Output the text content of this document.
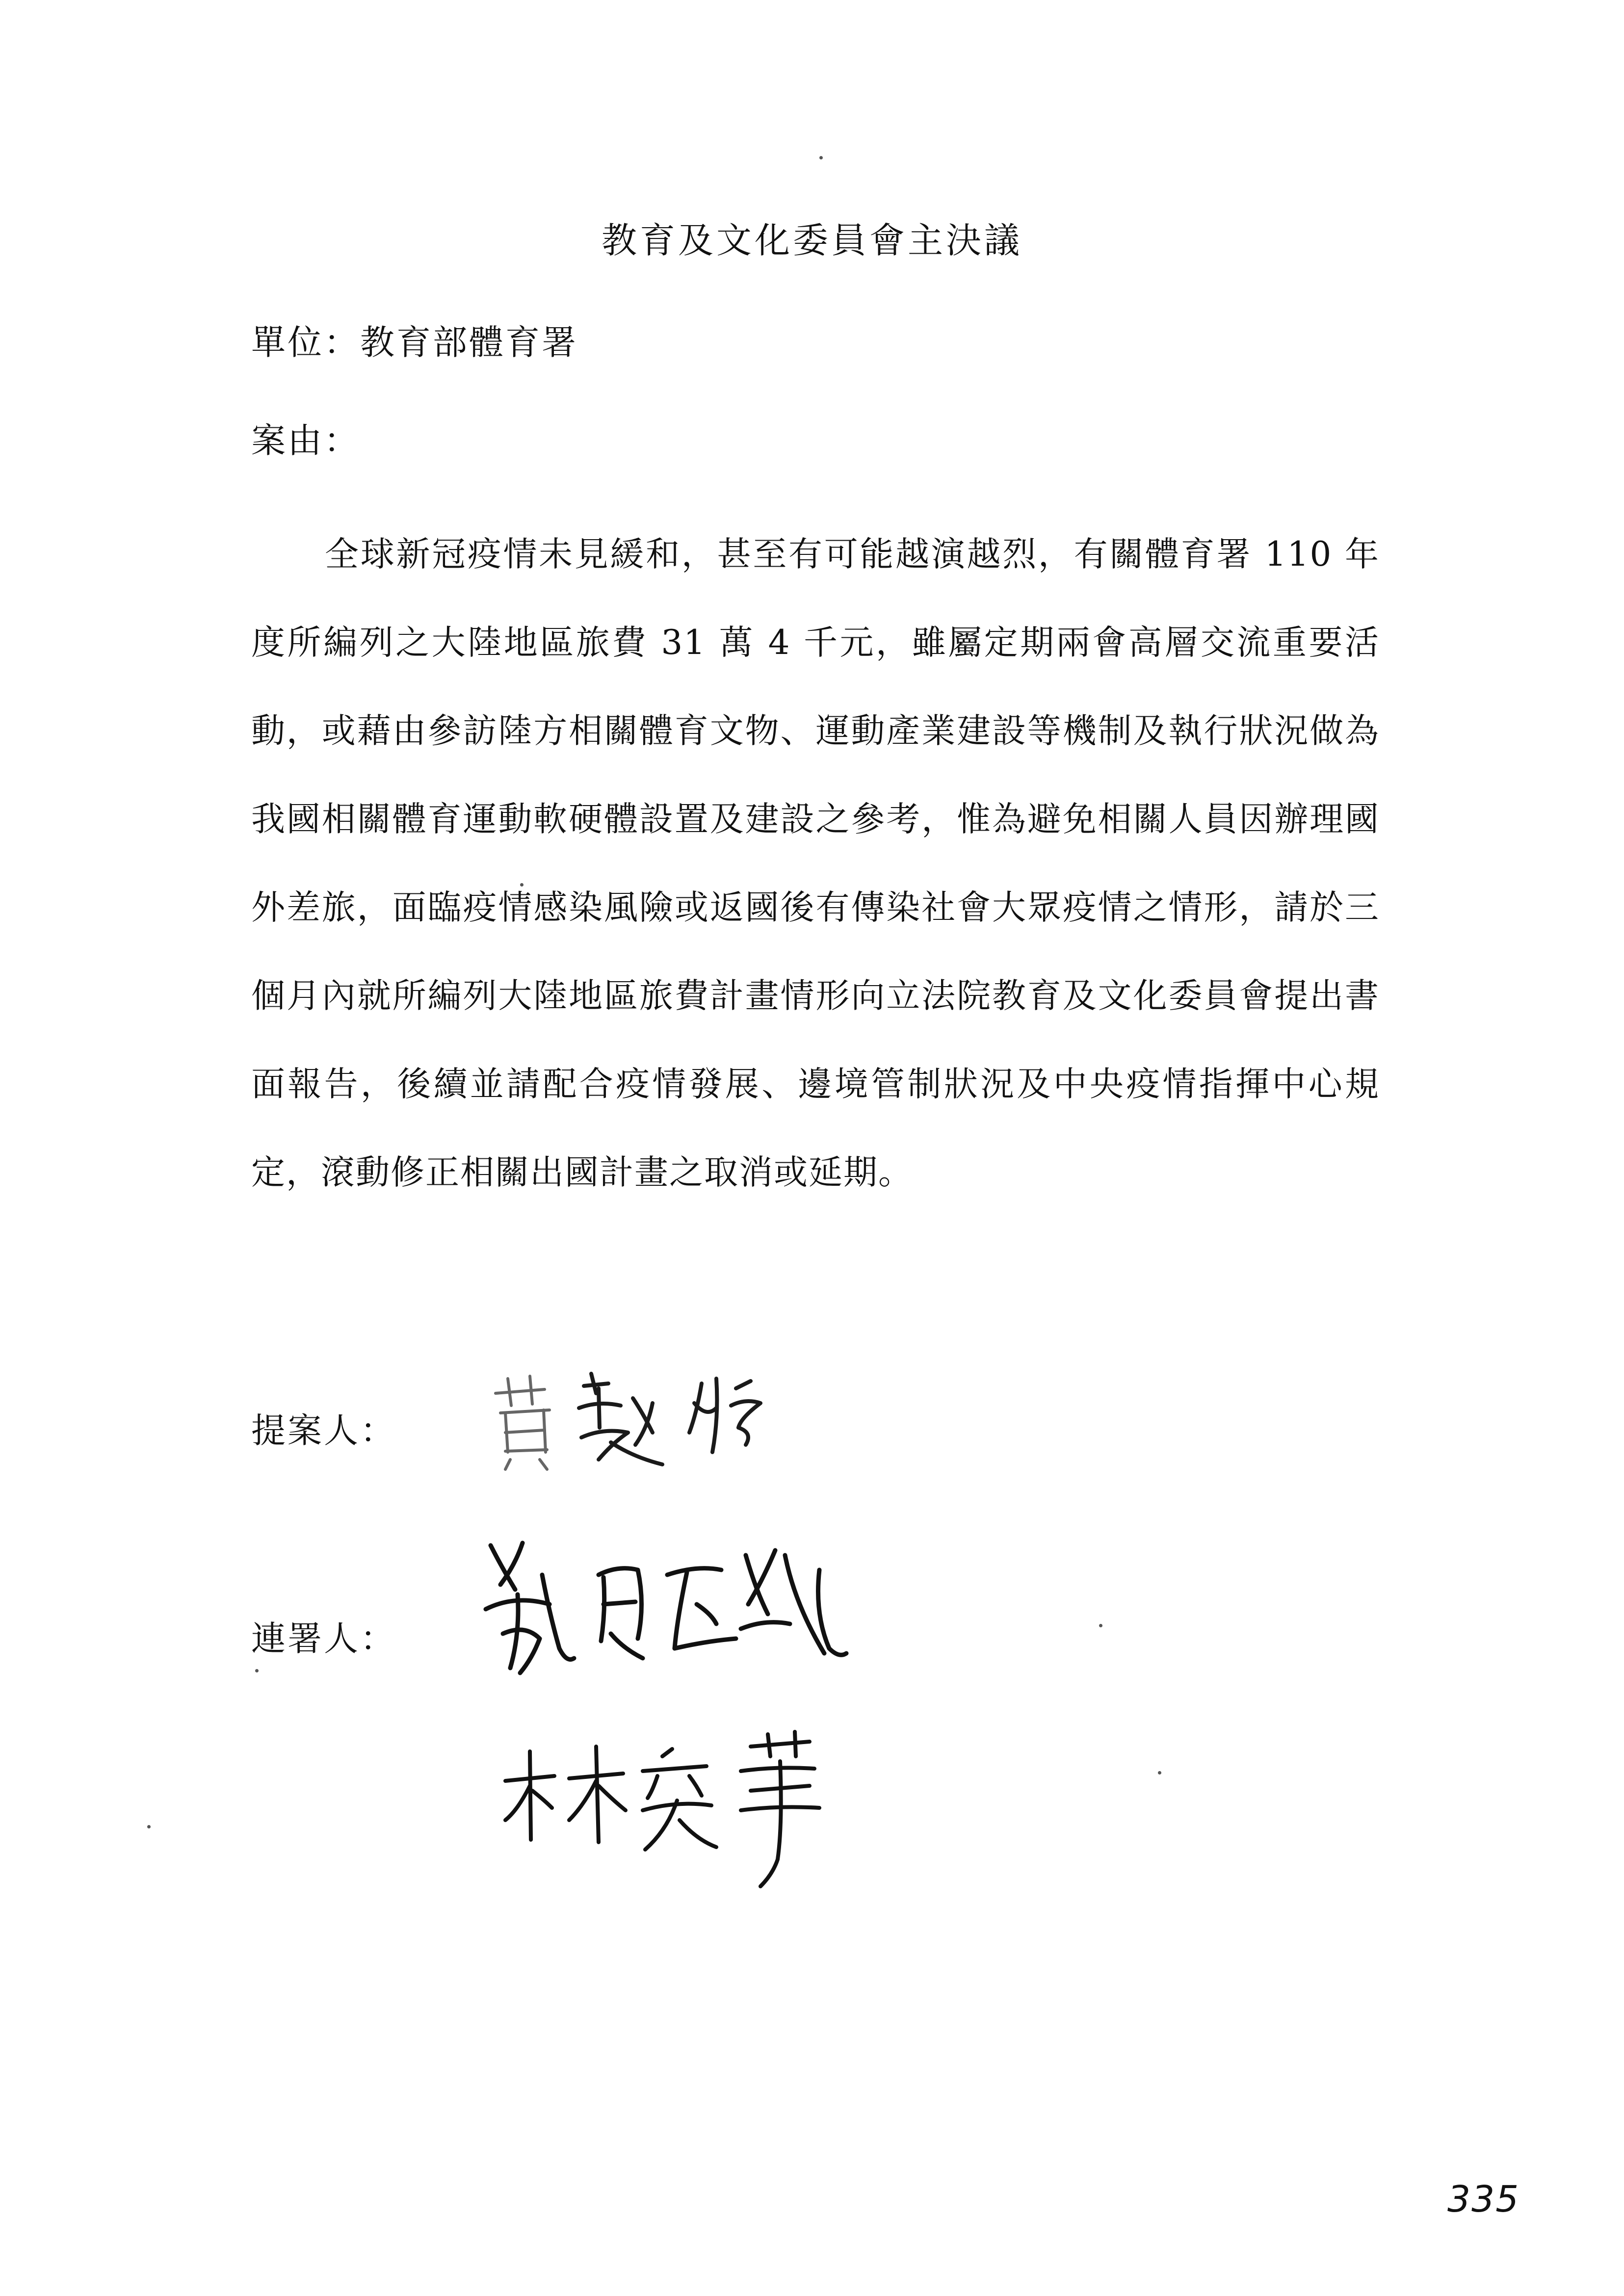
教育及文化委員會主決議
單位：教育部體育署
案由：
全球新冠疫情未見緩和，甚至有可能越演越烈，有關體育署 110 年度所編列之大陸地區旅費 31 萬 4 千元，雖屬定期兩會高層交流重要活動，或藉由參訪陸方相關體育文物、運動產業建設等機制及執行狀況做為我國相關體育運動軟硬體設置及建設之參考，惟為避免相關人員因辦理國外差旅，面臨疫情感染風險或返國後有傳染社會大眾疫情之情形，請於三個月內就所編列大陸地區旅費計畫情形向立法院教育及文化委員會提出書面報告，後續並請配合疫情發展、邊境管制狀況及中央疫情指揮中心規定，滾動修正相關出國計畫之取消或延期。
提案人：
連署人：
335
